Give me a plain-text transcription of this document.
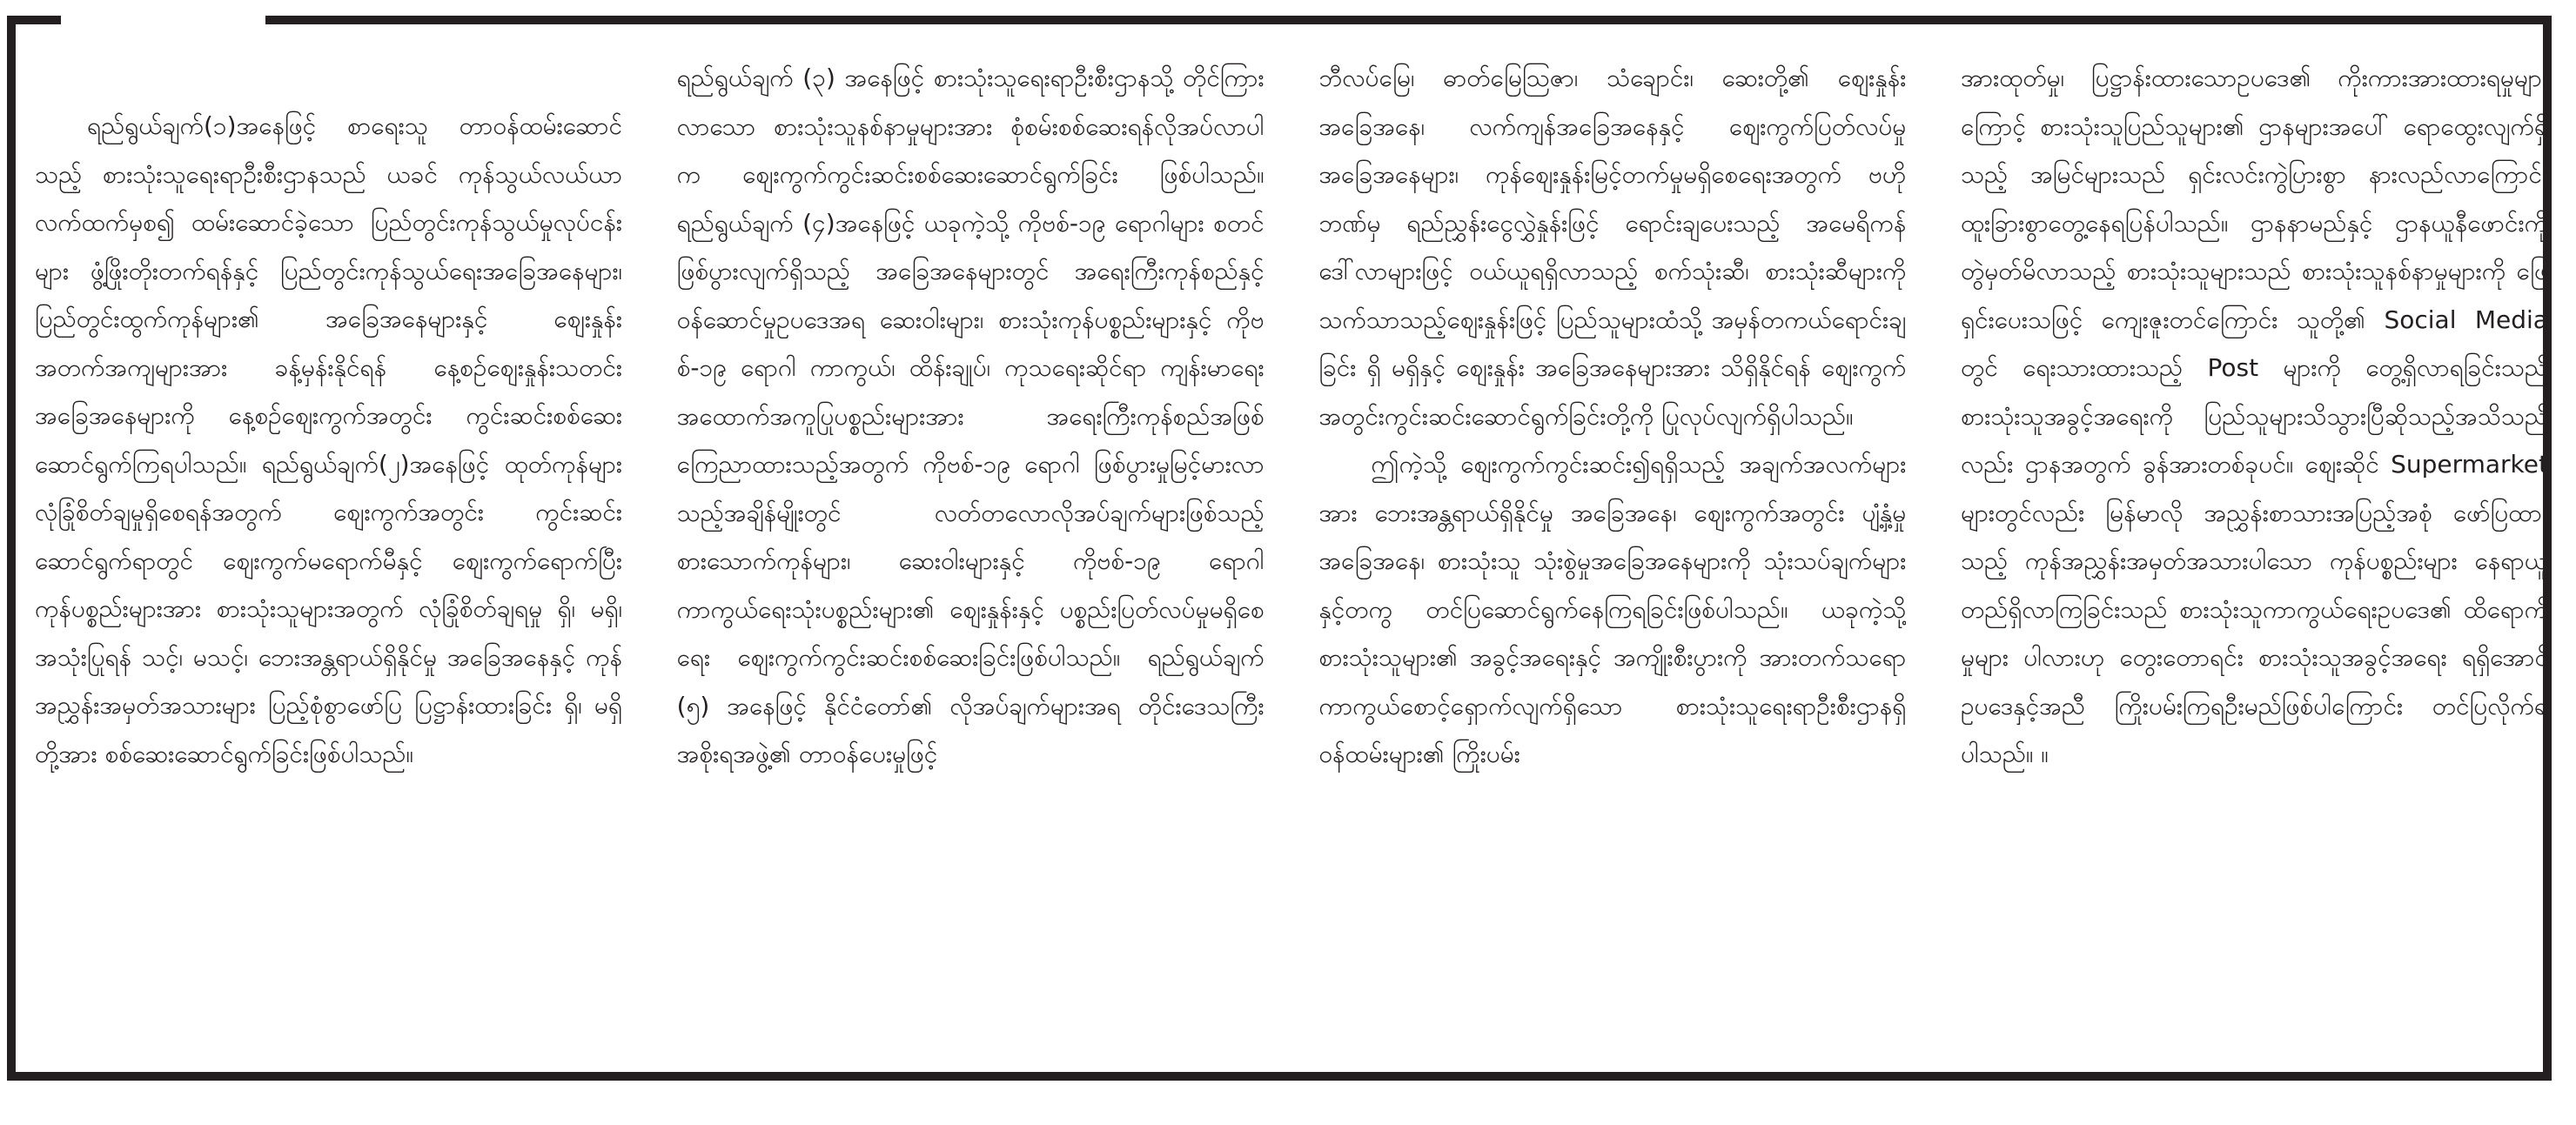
ရည်ရွယ်ချက်(၁)အနေဖြင့် စာရေးသူ တာဝန်ထမ်းဆောင်သည့် စားသုံးသူရေးရာဦးစီးဌာနသည် ယခင် ကုန်သွယ်လယ်ယာလက်ထက်မှစ၍ ထမ်းဆောင်ခဲ့သော ပြည်တွင်းကုန်သွယ်မှုလုပ်ငန်းများ ဖွံ့ဖြိုးတိုးတက်ရန်နှင့် ပြည်တွင်းကုန်သွယ်ရေးအခြေအနေများ၊ ပြည်တွင်းထွက်ကုန်များ၏ အခြေအနေများနှင့် စျေးနှုန်းအတက်အကျများအား ခန့်မှန်းနိုင်ရန် နေ့စဉ်စျေးနှုန်းသတင်းအခြေအနေများကို နေ့စဉ်စျေးကွက်အတွင်း ကွင်းဆင်းစစ်ဆေးဆောင်ရွက်ကြရပါသည်။ ရည်ရွယ်ချက်(၂)အနေဖြင့် ထုတ်ကုန်များ လုံခြုံစိတ်ချမှုရှိစေရန်အတွက် စျေးကွက်အတွင်း ကွင်းဆင်းဆောင်ရွက်ရာတွင် စျေးကွက်မရောက်မီနှင့် စျေးကွက်ရောက်ပြီး ကုန်ပစ္စည်းများအား စားသုံးသူများအတွက် လုံခြုံစိတ်ချရမှု ရှိ၊ မရှိ၊ အသုံးပြုရန် သင့်၊ မသင့်၊ ဘေးအန္တရာယ်ရှိနိုင်မှု အခြေအနေနှင့် ကုန်အညွှန်းအမှတ်အသားများ ပြည့်စုံစွာဖော်ပြ ပြဋ္ဌာန်းထားခြင်း ရှိ၊ မရှိ တို့အား စစ်ဆေးဆောင်ရွက်ခြင်းဖြစ်ပါသည်။

ရည်ရွယ်ချက် (၃) အနေဖြင့် စားသုံးသူရေးရာဦးစီးဌာနသို့ တိုင်ကြားလာသော စားသုံးသူနစ်နာမှုများအား စုံစမ်းစစ်ဆေးရန်လိုအပ်လာပါက စျေးကွက်ကွင်းဆင်းစစ်ဆေးဆောင်ရွက်ခြင်း ဖြစ်ပါသည်။ ရည်ရွယ်ချက် (၄)အနေဖြင့် ယခုကဲ့သို့ ကိုဗစ်-၁၉ ရောဂါများ စတင်ဖြစ်ပွားလျက်ရှိသည့် အခြေအနေများတွင် အရေးကြီးကုန်စည်နှင့် ဝန်ဆောင်မှုဥပဒေအရ ဆေးဝါးများ၊ စားသုံးကုန်ပစ္စည်းများနှင့် ကိုဗစ်-၁၉ ရောဂါ ကာကွယ်၊ ထိန်းချုပ်၊ ကုသရေးဆိုင်ရာ ကျန်းမာရေးအထောက်အကူပြုပစ္စည်းများအား အရေးကြီးကုန်စည်အဖြစ် ကြေညာထားသည့်အတွက် ကိုဗစ်-၁၉ ရောဂါ ဖြစ်ပွားမှုမြင့်မားလာသည့်အချိန်မျိုးတွင် လတ်တလောလိုအပ်ချက်များဖြစ်သည့် စားသောက်ကုန်များ၊ ဆေးဝါးများနှင့် ကိုဗစ်-၁၉ ရောဂါ ကာကွယ်ရေးသုံးပစ္စည်းများ၏ စျေးနှုန်းနှင့် ပစ္စည်းပြတ်လပ်မှုမရှိစေရေး စျေးကွက်ကွင်းဆင်းစစ်ဆေးခြင်းဖြစ်ပါသည်။ ရည်ရွယ်ချက် (၅) အနေဖြင့် နိုင်ငံတော်၏ လိုအပ်ချက်များအရ တိုင်းဒေသကြီးအစိုးရအဖွဲ့၏ တာဝန်ပေးမှုဖြင့်

ဘီလပ်မြေ၊ ဓာတ်မြေဩဇာ၊ သံချောင်း၊ ဆေးတို့၏ စျေးနှုန်းအခြေအနေ၊ လက်ကျန်အခြေအနေနှင့် စျေးကွက်ပြတ်လပ်မှုအခြေအနေများ၊ ကုန်စျေးနှုန်းမြင့်တက်မှုမရှိစေရေးအတွက် ဗဟိုဘဏ်မှ ရည်ညွှန်းငွေလွှဲနှုန်းဖြင့် ရောင်းချပေးသည့် အမေရိကန်ဒေါ်လာများဖြင့် ဝယ်ယူရရှိလာသည့် စက်သုံးဆီ၊ စားသုံးဆီများကို သက်သာသည့်စျေးနှုန်းဖြင့် ပြည်သူများထံသို့ အမှန်တကယ်ရောင်းချခြင်း ရှိ မရှိနှင့် စျေးနှုန်း အခြေအနေများအား သိရှိနိုင်ရန် စျေးကွက်အတွင်းကွင်းဆင်းဆောင်ရွက်ခြင်းတို့ကို ပြုလုပ်လျက်ရှိပါသည်။

ဤကဲ့သို့ စျေးကွက်ကွင်းဆင်း၍ရရှိသည့် အချက်အလက်များအား ဘေးအန္တရာယ်ရှိနိုင်မှု အခြေအနေ၊ စျေးကွက်အတွင်း ပျံ့နှံ့မှုအခြေအနေ၊ စားသုံးသူ သုံးစွဲမှုအခြေအနေများကို သုံးသပ်ချက်များနှင့်တကွ တင်ပြဆောင်ရွက်နေကြရခြင်းဖြစ်ပါသည်။ ယခုကဲ့သို့ စားသုံးသူများ၏ အခွင့်အရေးနှင့် အကျိုးစီးပွားကို အားတက်သရော ကာကွယ်စောင့်ရှောက်လျက်ရှိသော စားသုံးသူရေးရာဦးစီးဌာနရှိ ဝန်ထမ်းများ၏ ကြိုးပမ်း

အားထုတ်မှု၊ ပြဋ္ဌာန်းထားသောဥပဒေ၏ ကိုးကားအားထားရမှုများကြောင့် စားသုံးသူပြည်သူများ၏ ဌာနများအပေါ် ရောထွေးလျက်ရှိသည့် အမြင်များသည် ရှင်းလင်းကွဲပြားစွာ နားလည်လာကြောင်း ထူးခြားစွာတွေ့နေရပြန်ပါသည်။ ဌာနနာမည်နှင့် ဌာနယူနီဖောင်းကို တွဲမှတ်မိလာသည့် စားသုံးသူများသည် စားသုံးသူနစ်နာမှုများကို ဖြေရှင်းပေးသဖြင့် ကျေးဇူးတင်ကြောင်း သူတို့၏ Social Media တွင် ရေးသားထားသည့် Post များကို တွေ့ရှိလာရခြင်းသည် စားသုံးသူအခွင့်အရေးကို ပြည်သူများသိသွားပြီဆိုသည့်အသိသည်လည်း ဌာနအတွက် ခွန်အားတစ်ခုပင်။ စျေးဆိုင် Supermarket များတွင်လည်း မြန်မာလို အညွှန်းစာသားအပြည့်အစုံ ဖော်ပြထားသည့် ကုန်အညွှန်းအမှတ်အသားပါသော ကုန်ပစ္စည်းများ နေရာယူတည်ရှိလာကြခြင်းသည် စားသုံးသူကာကွယ်ရေးဥပဒေ၏ ထိရောက်မှုများ ပါလားဟု တွေးတောရင်း စားသုံးသူအခွင့်အရေး ရရှိအောင် ဥပဒေနှင့်အညီ ကြိုးပမ်းကြရဦးမည်ဖြစ်ပါကြောင်း တင်ပြလိုက်ရပါသည်။ ။
